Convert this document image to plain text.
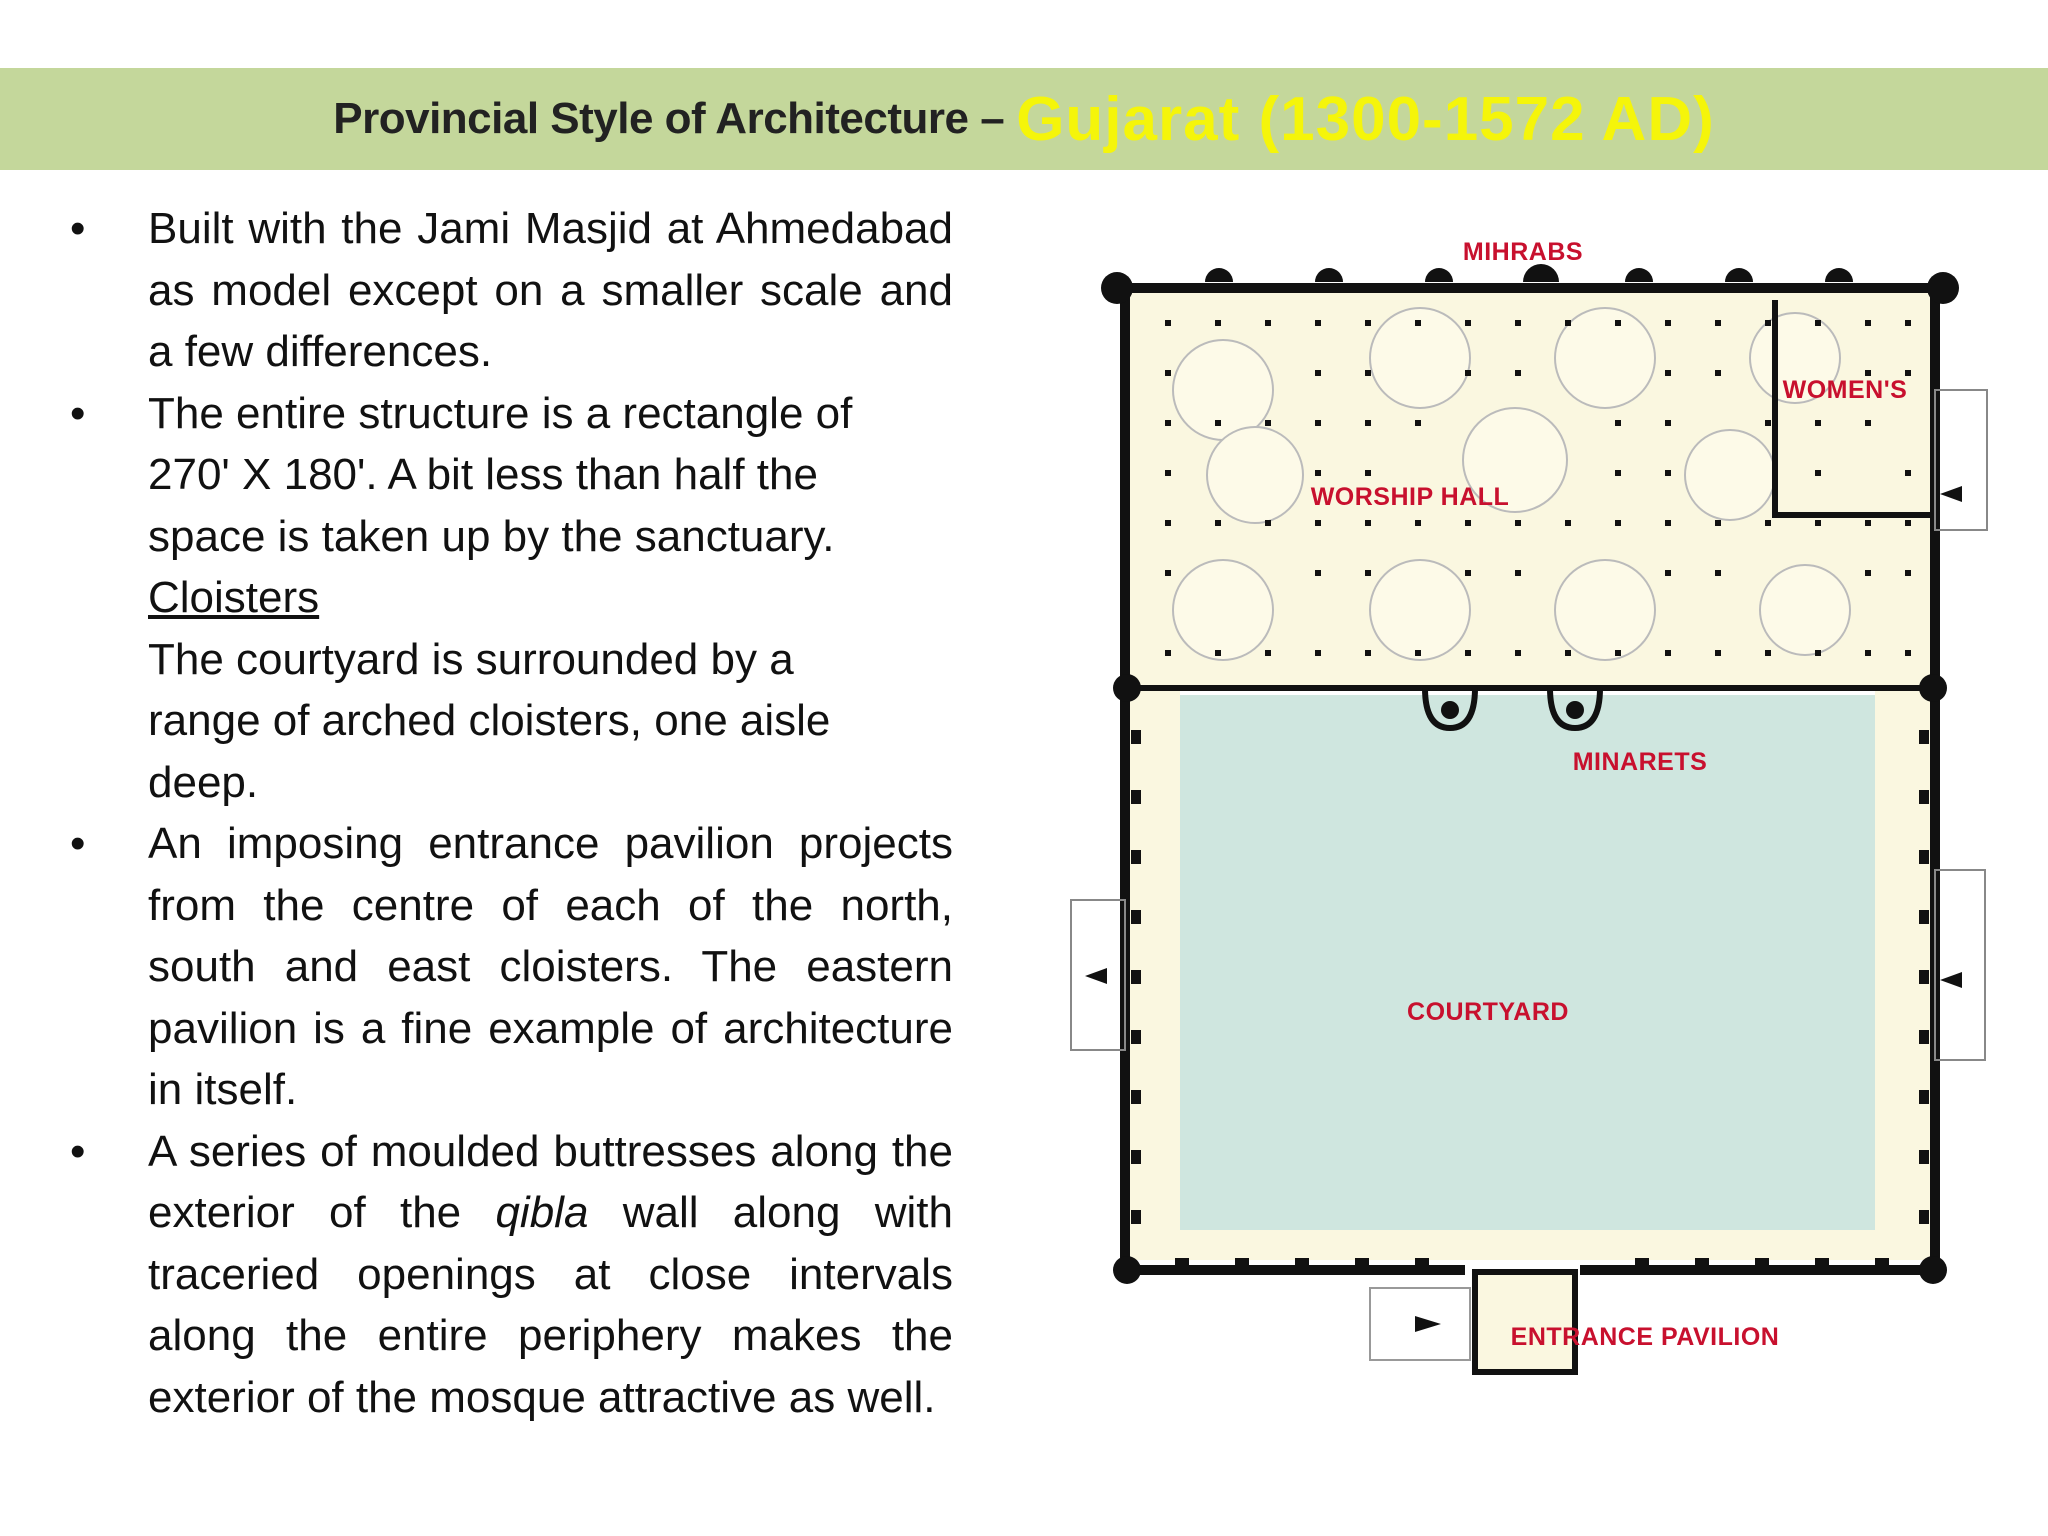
Provincial Style of Architecture – Gujarat (1300-1572 AD)
• Built with the Jami Masjid at Ahmedabad as model except on a smaller scale and a few differences.

• The entire structure is a rectangle of 270' X 180'. A bit less than half the space is taken up by the sanctuary.

Cloisters

The courtyard is surrounded by a range of arched cloisters, one aisle deep.

• An imposing entrance pavilion projects from the centre of each of the north, south and east cloisters. The eastern pavilion is a fine example of architecture in itself.

• A series of moulded buttresses along the exterior of the qibla wall along with traceried openings at close intervals along the entire periphery makes the exterior of the mosque attractive as well.

MIHRABS
WOMEN'S
WORSHIP HALL
MINARETS
COURTYARD
ENTRANCE PAVILION
